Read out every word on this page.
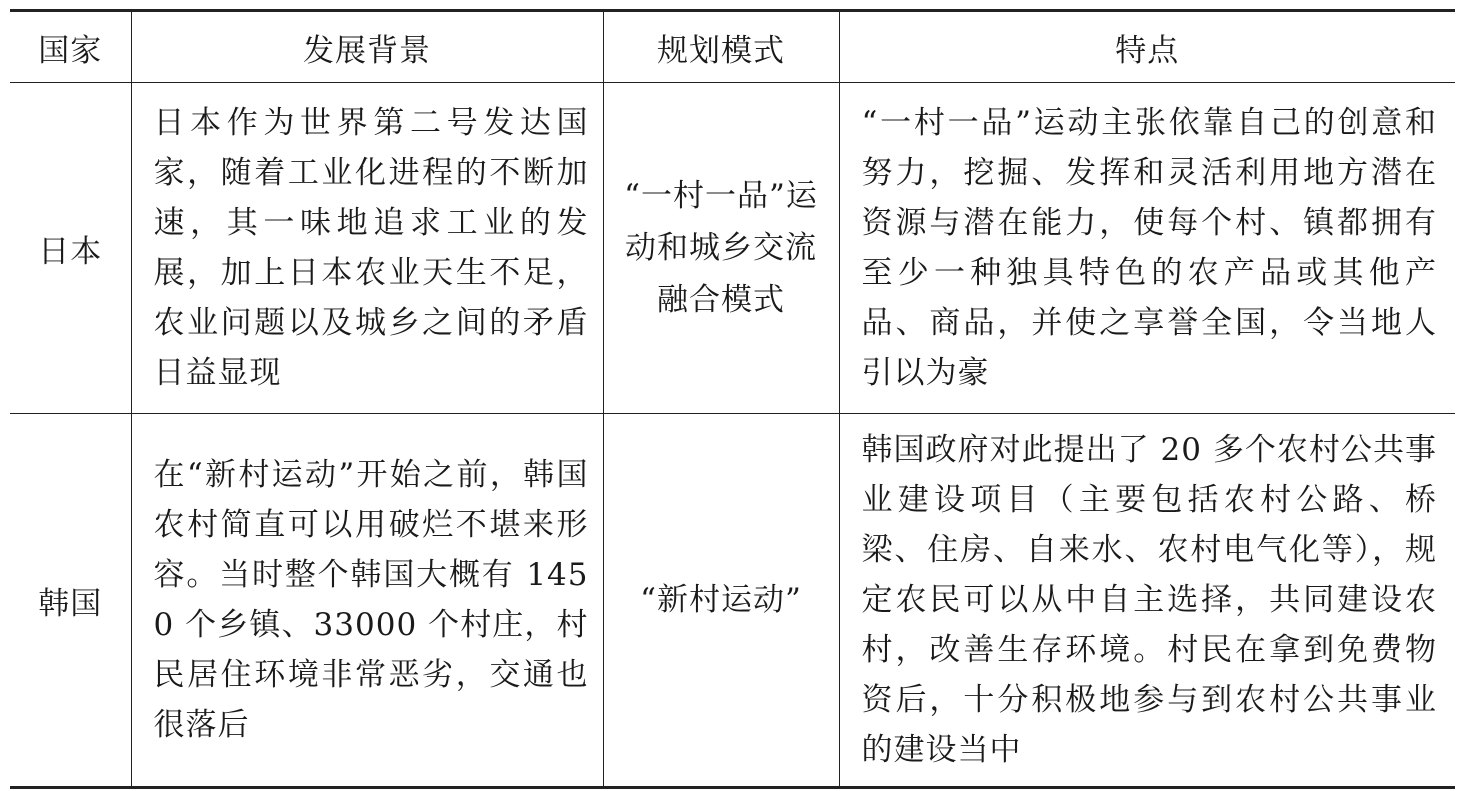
国家	发展背景	规划模式	特点
日本	日本作为世界第二号发达国家，随着工业化进程的不断加速，其一味地追求工业的发展，加上日本农业天生不足，农业问题以及城乡之间的矛盾日益显现	“一村一品”运动和城乡交流融合模式	“一村一品”运动主张依靠自己的创意和努力，挖掘、发挥和灵活利用地方潜在资源与潜在能力，使每个村、镇都拥有至少一种独具特色的农产品或其他产品、商品，并使之享誉全国，令当地人引以为豪

韩国	在“新村运动”开始之前，韩国农村简直可以用破烂不堪来形容。当时整个韩国大概有 1450 个乡镇、33000 个村庄，村民居住环境非常恶劣，交通也很落后	“新村运动”	韩国政府对此提出了 20 多个农村公共事业建设项目（主要包括农村公路、桥梁、住房、自来水、农村电气化等），规定农民可以从中自主选择，共同建设农村，改善生存环境。村民在拿到免费物资后，十分积极地参与到农村公共事业的建设当中
